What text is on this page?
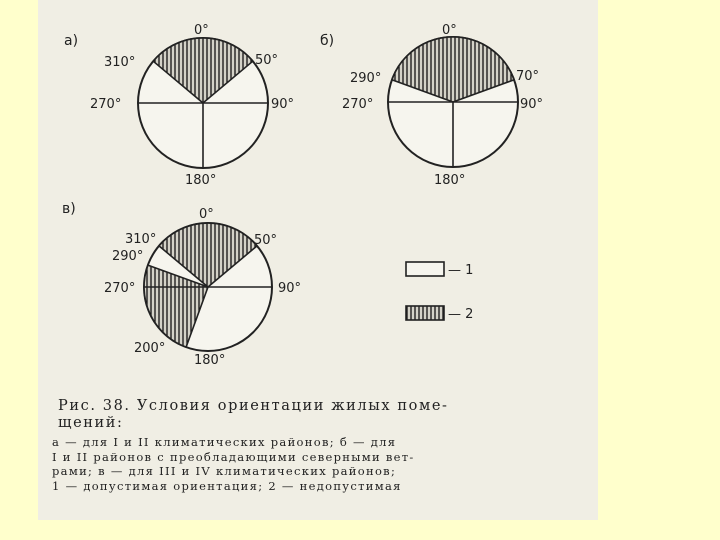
а)
310°
0°
50°
270°	90°
180°
б)
290°
0°
70°
270°	90°
180°
в)
310°
290°
0°
50°
270°	90°
200°
180°
— 1
— 2
Рис. 38. Условия ориентации жилых поме-
щений:
а — для I и II климатических районов; б — для
I и II районов с преобладающими северными вет-
рами; в — для III и IV климатических районов;
1 — допустимая ориентация; 2 — недопустимая
